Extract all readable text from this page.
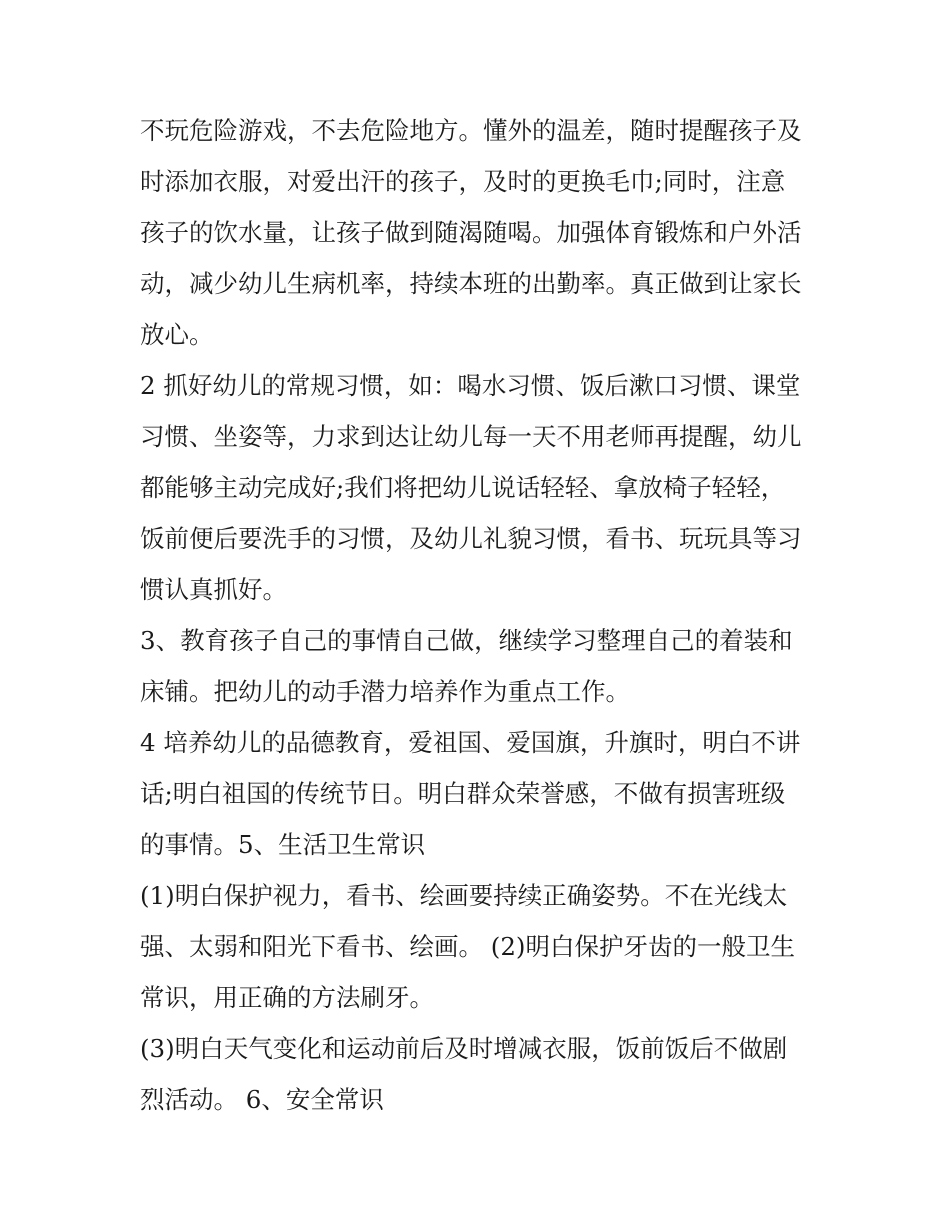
不玩危险游戏，不去危险地方。懂外的温差，随时提醒孩子及
时添加衣服，对爱出汗的孩子，及时的更换毛巾;同时，注意
孩子的饮水量，让孩子做到随渴随喝。加强体育锻炼和户外活
动，减少幼儿生病机率，持续本班的出勤率。真正做到让家长
放心。
2 抓好幼儿的常规习惯，如：喝水习惯、饭后漱口习惯、课堂
习惯、坐姿等，力求到达让幼儿每一天不用老师再提醒，幼儿
都能够主动完成好;我们将把幼儿说话轻轻、拿放椅子轻轻，
饭前便后要洗手的习惯，及幼儿礼貌习惯，看书、玩玩具等习
惯认真抓好。
3、教育孩子自己的事情自己做，继续学习整理自己的着装和
床铺。把幼儿的动手潜力培养作为重点工作。
4 培养幼儿的品德教育，爱祖国、爱国旗，升旗时，明白不讲
话;明白祖国的传统节日。明白群众荣誉感，不做有损害班级
的事情。5、生活卫生常识
(1)明白保护视力，看书、绘画要持续正确姿势。不在光线太
强、太弱和阳光下看书、绘画。 (2)明白保护牙齿的一般卫生
常识，用正确的方法刷牙。
(3)明白天气变化和运动前后及时增减衣服，饭前饭后不做剧
烈活动。 6、安全常识
